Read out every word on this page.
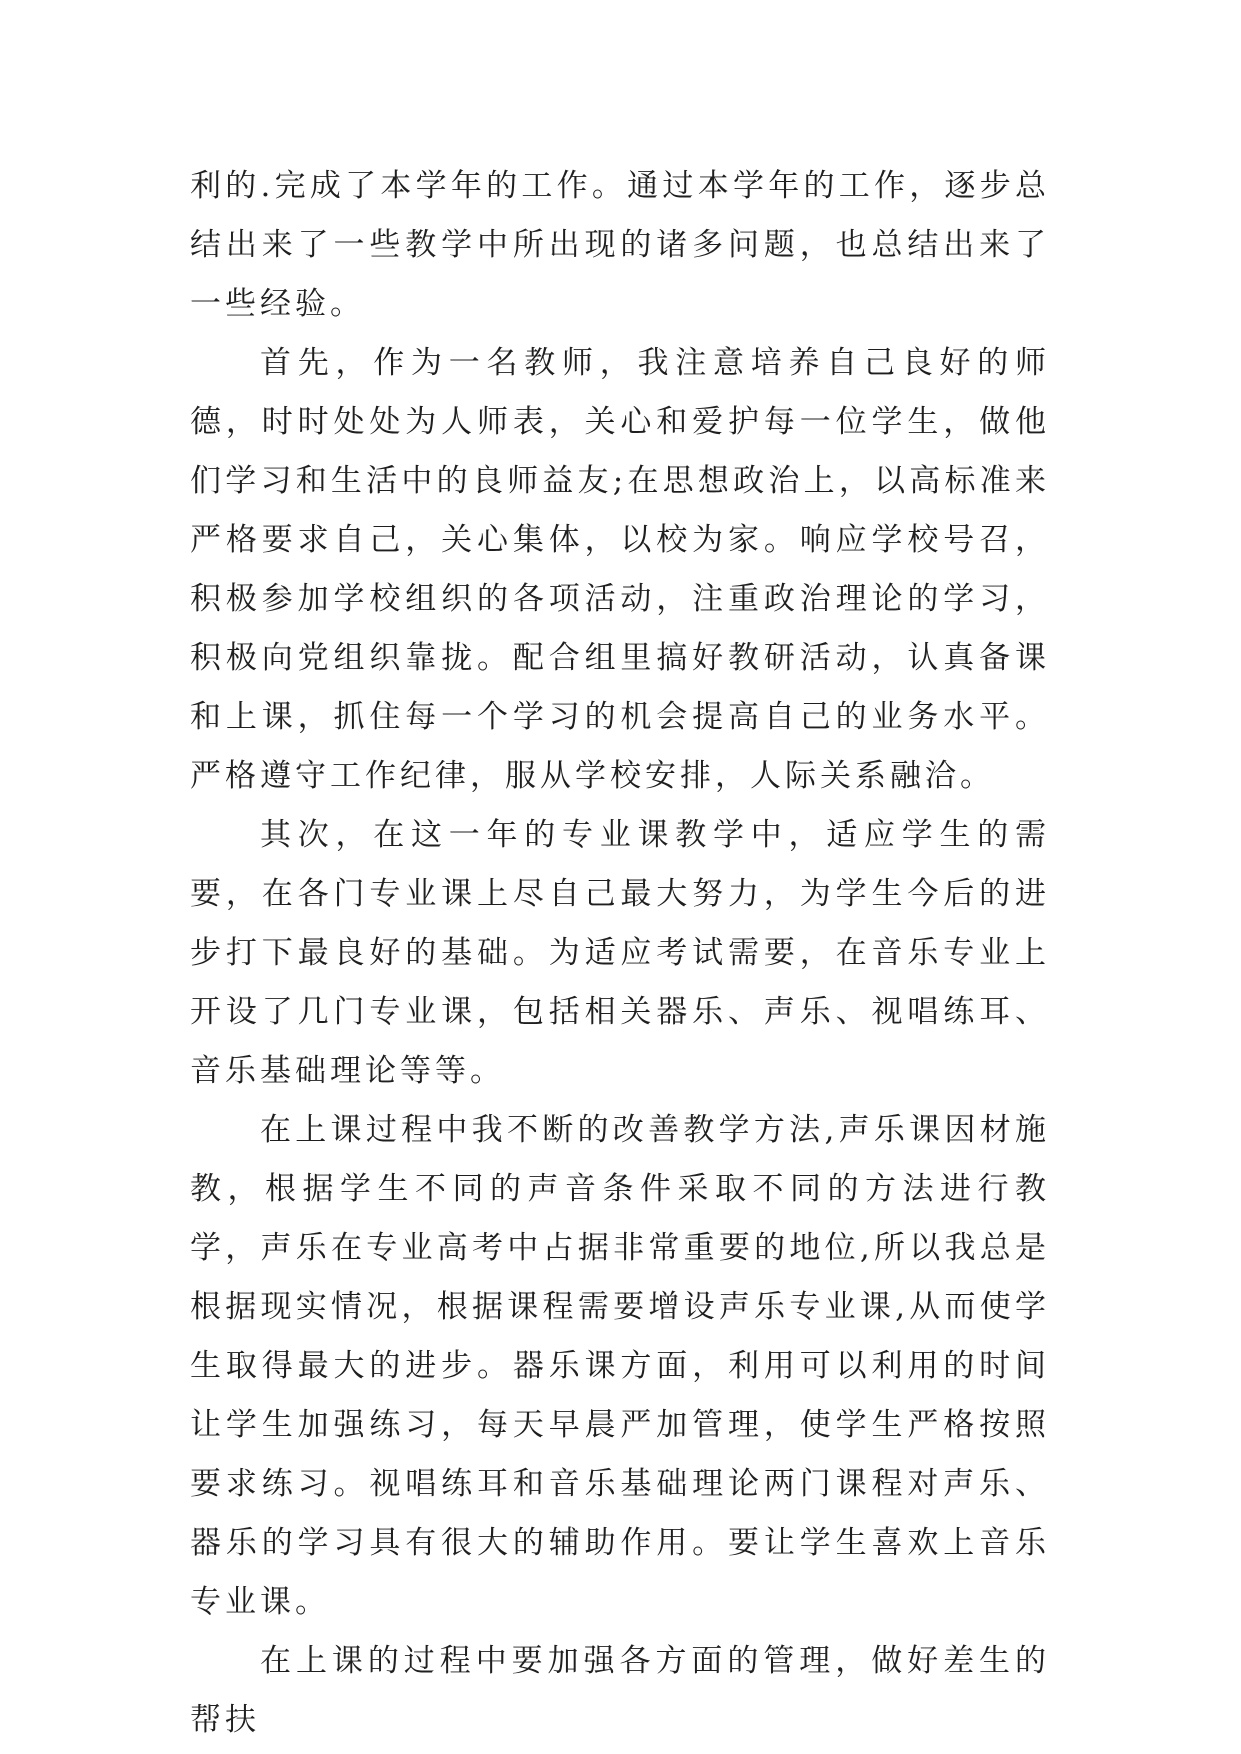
利的.完成了本学年的工作。通过本学年的工作，逐步总结出来了一些教学中所出现的诸多问题，也总结出来了一些经验。

首先，作为一名教师，我注意培养自己良好的师德，时时处处为人师表，关心和爱护每一位学生，做他们学习和生活中的良师益友;在思想政治上，以高标准来严格要求自己，关心集体，以校为家。响应学校号召，积极参加学校组织的各项活动，注重政治理论的学习，积极向党组织靠拢。配合组里搞好教研活动，认真备课和上课，抓住每一个学习的机会提高自己的业务水平。严格遵守工作纪律，服从学校安排，人际关系融洽。

其次，在这一年的专业课教学中，适应学生的需要，在各门专业课上尽自己最大努力，为学生今后的进步打下最良好的基础。为适应考试需要，在音乐专业上开设了几门专业课，包括相关器乐、声乐、视唱练耳、音乐基础理论等等。

在上课过程中我不断的改善教学方法,声乐课因材施教，根据学生不同的声音条件采取不同的方法进行教学，声乐在专业高考中占据非常重要的地位,所以我总是根据现实情况，根据课程需要增设声乐专业课,从而使学生取得最大的进步。器乐课方面，利用可以利用的时间让学生加强练习，每天早晨严加管理，使学生严格按照要求练习。视唱练耳和音乐基础理论两门课程对声乐、器乐的学习具有很大的辅助作用。要让学生喜欢上音乐专业课。

在上课的过程中要加强各方面的管理，做好差生的帮扶
